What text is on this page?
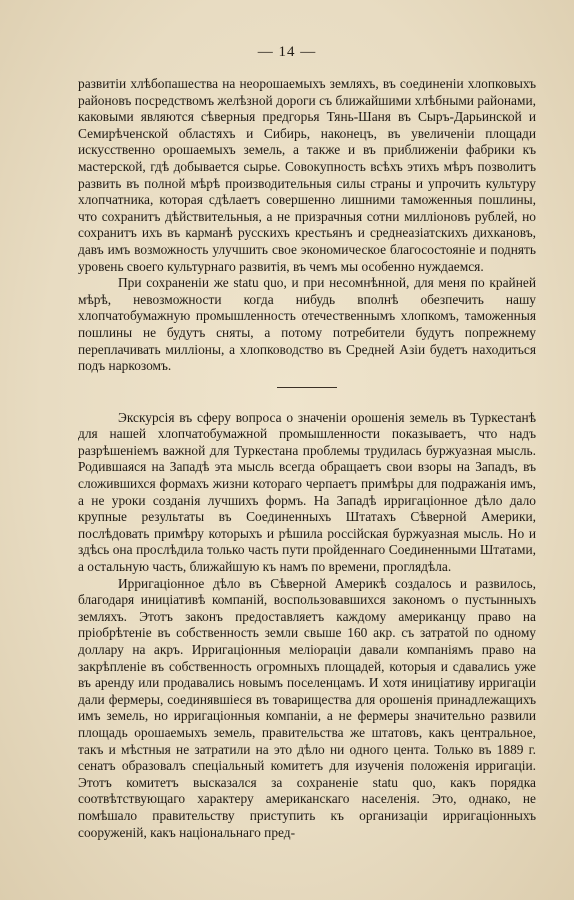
— 14 —

развитіи хлѣбопашества на неорошаемыхъ земляхъ, въ соединеніи хлопковыхъ районовъ посредствомъ желѣзной дороги съ ближайшими хлѣбными районами, каковыми являются сѣверныя предгорья Тянь-Шаня въ Сыръ-Дарьинской и Семирѣченской областяхъ и Сибирь, наконецъ, въ увеличеніи площади искусственно орошаемыхъ земель, а также и въ приближеніи фабрики къ мастерской, гдѣ добывается сырье. Совокупность всѣхъ этихъ мѣръ позволитъ развить въ полной мѣрѣ производительныя силы страны и упрочить культуру хлопчатника, которая сдѣлаетъ совершенно лишними таможенныя пошлины, что сохранитъ дѣйствительныя, а не призрачныя сотни милліоновъ рублей, но сохранитъ ихъ въ карманѣ русскихъ крестьянъ и среднеазіатскихъ дихкановъ, давъ имъ возможность улучшить свое экономическое благосостояніе и поднять уровень своего культурнаго развитія, въ чемъ мы особенно нуждаемся.

При сохраненіи же statu quo, и при несомнѣнной, для меня по крайней мѣрѣ, невозможности когда нибудь вполнѣ обезпечить нашу хлопчатобумажную промышленность отечественнымъ хлопкомъ, таможенныя пошлины не будутъ сняты, а потому потребители будутъ попрежнему переплачивать милліоны, а хлопководство въ Средней Азіи будетъ находиться подъ наркозомъ.

Экскурсія въ сферу вопроса о значеніи орошенія земель въ Туркестанѣ для нашей хлопчатобумажной промышленности показываетъ, что надъ разрѣшеніемъ важной для Туркестана проблемы трудилась буржуазная мысль. Родившаяся на Западѣ эта мысль всегда обращаетъ свои взоры на Западъ, въ сложившихся формахъ жизни котораго черпаетъ примѣры для подражанія имъ, а не уроки созданія лучшихъ формъ. На Западѣ ирригаціонное дѣло дало крупные результаты въ Соединенныхъ Штатахъ Сѣверной Америки, послѣдовать примѣру которыхъ и рѣшила россійская буржуазная мысль. Но и здѣсь она прослѣдила только часть пути пройденнаго Соединенными Штатами, а остальную часть, ближайшую къ намъ по времени, проглядѣла.

Ирригаціонное дѣло въ Сѣверной Америкѣ создалось и развилось, благодаря иниціативѣ компаній, воспользовавшихся закономъ о пустынныхъ земляхъ. Этотъ законъ предоставляетъ каждому американцу право на пріобрѣтеніе въ собственность земли свыше 160 акр. съ затратой по одному доллару на акръ. Ирригаціонныя меліораціи давали компаніямъ право на закрѣпленіе въ собственность огромныхъ площадей, которыя и сдавались уже въ аренду или продавались новымъ поселенцамъ. И хотя иниціативу ирригаціи дали фермеры, соединявшіеся въ товарищества для орошенія принадлежащихъ имъ земель, но ирригаціонныя компаніи, а не фермеры значительно развили площадь орошаемыхъ земель, правительства же штатовъ, какъ центральное, такъ и мѣстныя не затратили на это дѣло ни одного цента. Только въ 1889 г. сенатъ образовалъ спеціальный комитетъ для изученія положенія ирригаціи. Этотъ комитетъ высказался за сохраненіе statu quo, какъ порядка соотвѣтствующаго характеру американскаго населенія. Это, однако, не помѣшало правительству приступить къ организаціи ирригаціонныхъ сооруженій, какъ національнаго пред-
